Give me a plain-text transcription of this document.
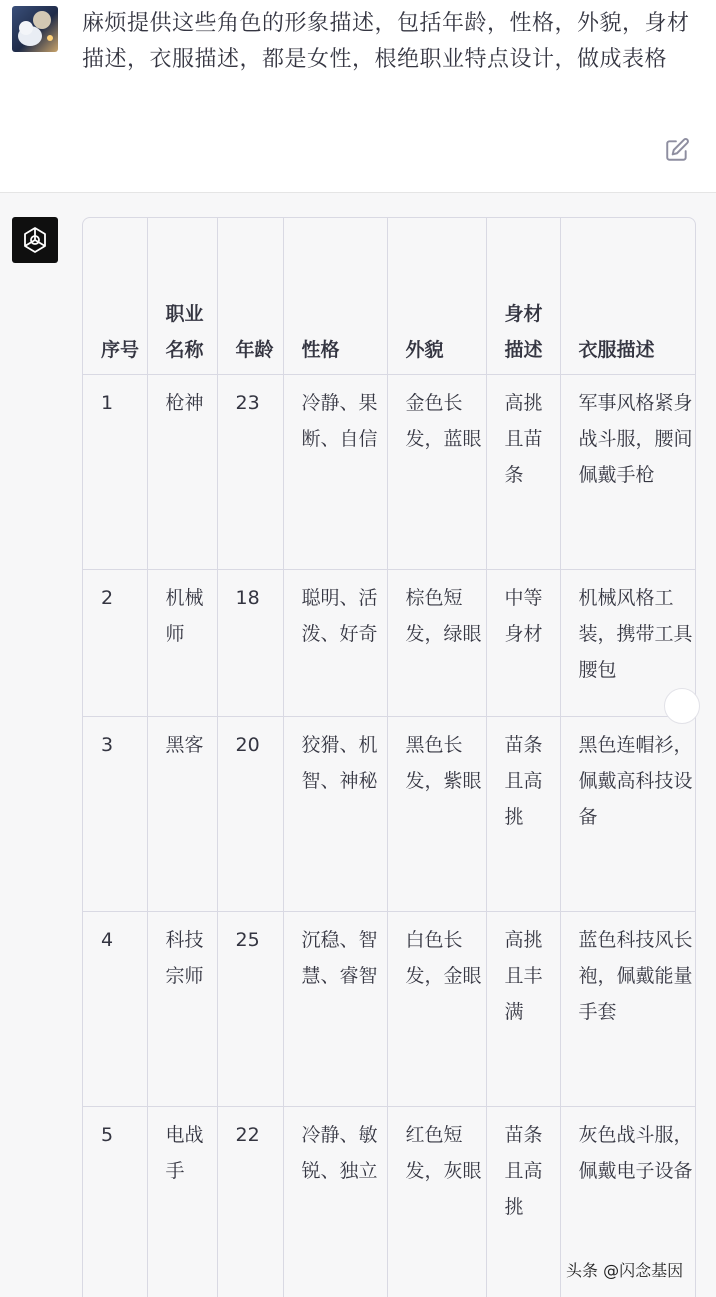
麻烦提供这些角色的形象描述，包括年龄，性格，外貌，身材描述，衣服描述，都是女性，根绝职业特点设计，做成表格
序号	职业名称	年龄	性格	外貌	身材描述	衣服描述
1	枪神	23	冷静、果断、自信	金色长发，蓝眼	高挑且苗条	军事风格紧身战斗服，腰间佩戴手枪
2	机械师	18	聪明、活泼、好奇	棕色短发，绿眼	中等身材	机械风格工装，携带工具腰包
3	黑客	20	狡猾、机智、神秘	黑色长发，紫眼	苗条且高挑	黑色连帽衫，佩戴高科技设备
4	科技宗师	25	沉稳、智慧、睿智	白色长发，金眼	高挑且丰满	蓝色科技风长袍，佩戴能量手套
5	电战手	22	冷静、敏锐、独立	红色短发，灰眼	苗条且高挑	灰色战斗服，佩戴电子设备
头条 @闪念基因
